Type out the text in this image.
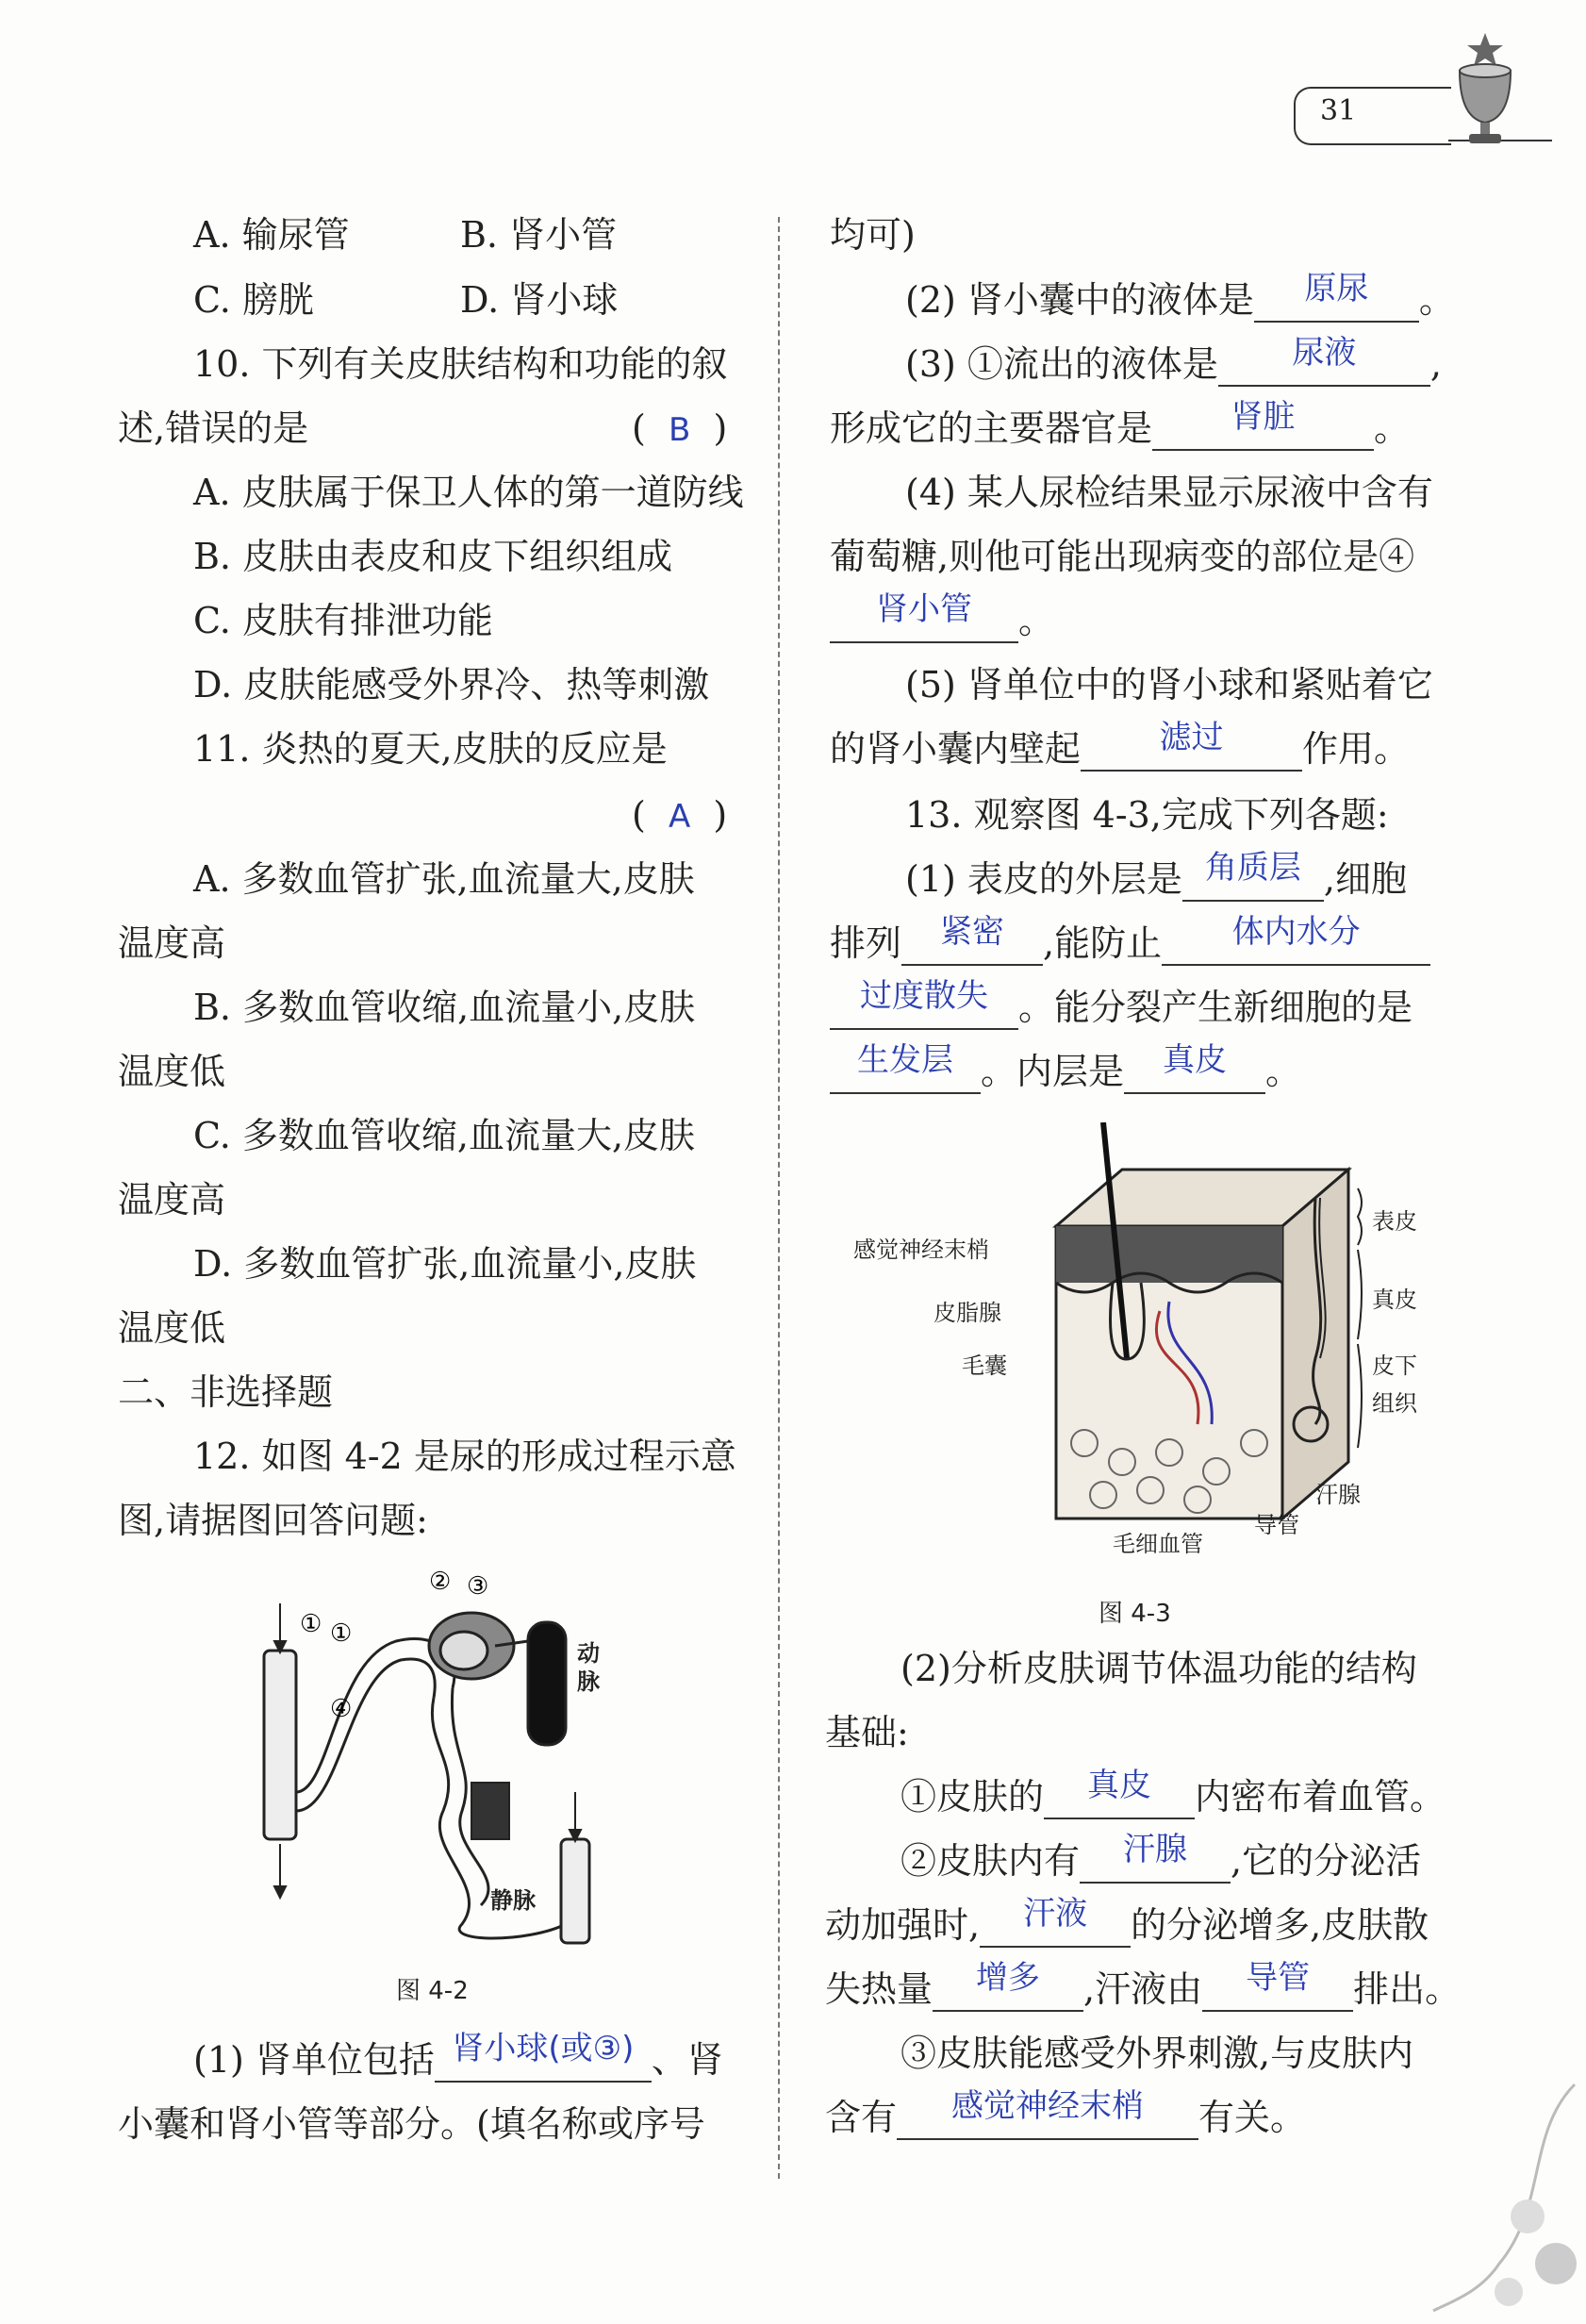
31
A. 输尿管	B. 肾小管
C. 膀胱	D. 肾小球
10. 下列有关皮肤结构和功能的叙
述,错误的是	(  B  )
A. 皮肤属于保卫人体的第一道防线
B. 皮肤由表皮和皮下组织组成
C. 皮肤有排泄功能
D. 皮肤能感受外界冷、热等刺激
11. 炎热的夏天,皮肤的反应是
(  A  )
A. 多数血管扩张,血流量大,皮肤
温度高
B. 多数血管收缩,血流量小,皮肤
温度低
C. 多数血管收缩,血流量大,皮肤
温度高
D. 多数血管扩张,血流量小,皮肤
温度低
二、非选择题
12. 如图 4-2 是尿的形成过程示意
图,请据图回答问题:
①
①
② ③
④
动脉
静脉
图 4-2
(1) 肾单位包括 肾小球(或③) 、肾
小囊和肾小管等部分。(填名称或序号
均可)
(2) 肾小囊中的液体是 原尿 。
(3) ①流出的液体是 尿液 ,
形成它的主要器官是 肾脏 。
(4) 某人尿检结果显示尿液中含有
葡萄糖,则他可能出现病变的部位是④
肾小管 。
(5) 肾单位中的肾小球和紧贴着它
的肾小囊内壁起 滤过 作用。
13. 观察图 4-3,完成下列各题:
(1) 表皮的外层是 角质层 ,细胞
排列 紧密 ,能防止 体内水分
过度散失 。能分裂产生新细胞的是
生发层 。内层是 真皮 。
感觉神经末梢
皮脂腺
毛囊
表皮
真皮
皮下
组织
汗腺
导管
毛细血管
图 4-3
(2)分析皮肤调节体温功能的结构
基础:
①皮肤的 真皮 内密布着血管。
②皮肤内有 汗腺 ,它的分泌活
动加强时, 汗液 的分泌增多,皮肤散
失热量 增多 ,汗液由 导管 排出。
③皮肤能感受外界刺激,与皮肤内
含有 感觉神经末梢 有关。
